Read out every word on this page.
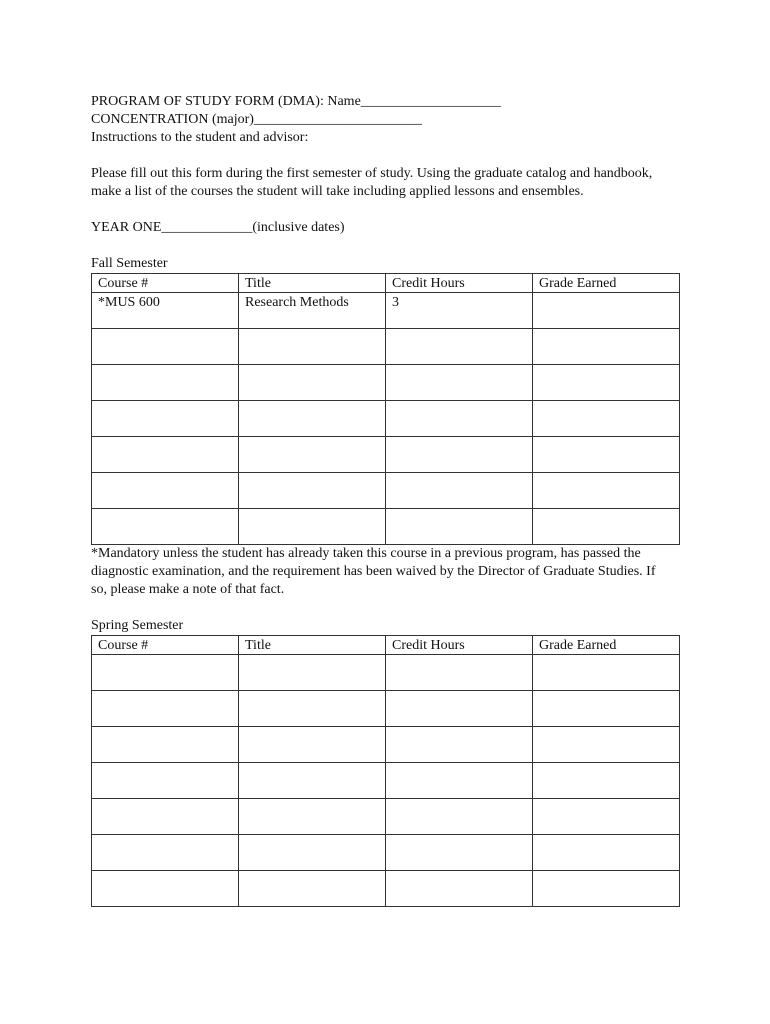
PROGRAM OF STUDY FORM (DMA): Name____________________
CONCENTRATION (major)________________________
Instructions to the student and advisor:
Please fill out this form during the first semester of study. Using the graduate catalog and handbook, make a list of the courses the student will take including applied lessons and ensembles.
YEAR ONE_____________(inclusive dates)
Fall Semester
Course #	Title	Credit Hours	Grade Earned
*MUS 600	Research Methods	3	

*Mandatory unless the student has already taken this course in a previous program, has passed the diagnostic examination, and the requirement has been waived by the Director of Graduate Studies. If so, please make a note of that fact.
Spring Semester
Course #	Title	Credit Hours	Grade Earned
